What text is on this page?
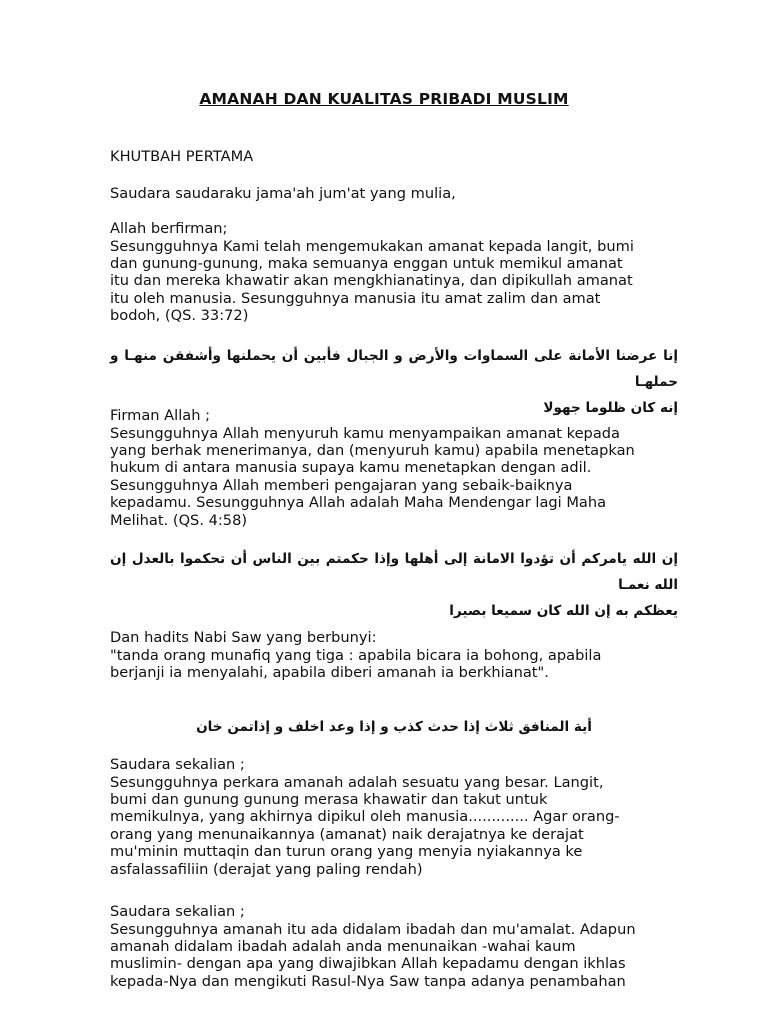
AMANAH DAN KUALITAS PRIBADI MUSLIM
KHUTBAH PERTAMA
Saudara saudaraku jama'ah jum'at yang mulia,
Allah berfirman;
Sesungguhnya Kami telah mengemukakan amanat kepada langit, bumi
dan gunung-gunung, maka semuanya enggan untuk memikul amanat
itu dan mereka khawatir akan mengkhianatinya, dan dipikullah amanat
itu oleh manusia. Sesungguhnya manusia itu amat zalim dan amat
bodoh, (QS. 33:72)
إنا عرضنا الأمانة على السماوات والأرض و الجبال فأبين أن يحملنها وأشفقن منهـا و حملهـا
إنه كان ظلوما جهولا
Firman Allah ;
Sesungguhnya Allah menyuruh kamu menyampaikan amanat kepada
yang berhak menerimanya, dan (menyuruh kamu) apabila menetapkan
hukum di antara manusia supaya kamu menetapkan dengan adil.
Sesungguhnya Allah memberi pengajaran yang sebaik-baiknya
kepadamu. Sesungguhnya Allah adalah Maha Mendengar lagi Maha
Melihat. (QS. 4:58)
إن الله يامركم أن تؤدوا الامانة إلى أهلها وإذا حكمتم بين الناس أن تحكموا بالعدل إن الله نعمـا
يعظكم به إن الله كان سميعا بصيرا
Dan hadits Nabi Saw yang berbunyi:
"tanda orang munafiq yang tiga : apabila bicara ia bohong, apabila
berjanji ia menyalahi, apabila diberi amanah ia berkhianat".
أية المنافق ثلاث إذا حدث كذب و إذا وعد اخلف و إذاتمن خان
Saudara sekalian ;
Sesungguhnya perkara amanah adalah sesuatu yang besar. Langit,
bumi dan gunung gunung merasa khawatir dan takut untuk
memikulnya, yang akhirnya dipikul oleh manusia............. Agar orang-
orang yang menunaikannya (amanat) naik derajatnya ke derajat
mu'minin muttaqin dan turun orang yang menyia nyiakannya ke
asfalassafiliin (derajat yang paling rendah)
Saudara sekalian ;
Sesungguhnya amanah itu ada didalam ibadah dan mu'amalat. Adapun
amanah didalam ibadah adalah anda menunaikan -wahai kaum
muslimin- dengan apa yang diwajibkan Allah kepadamu dengan ikhlas
kepada-Nya dan mengikuti Rasul-Nya Saw tanpa adanya penambahan
